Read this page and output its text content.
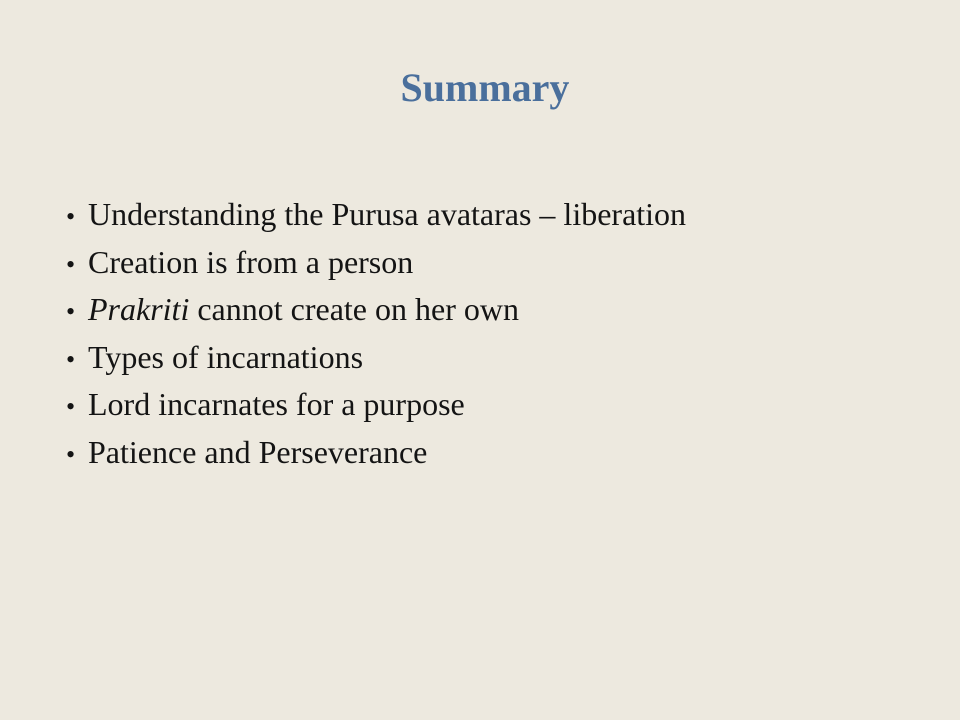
Summary
• Understanding the Purusa avataras – liberation
• Creation is from a person
• Prakriti cannot create on her own
• Types of incarnations
• Lord incarnates for a purpose
• Patience and Perseverance
